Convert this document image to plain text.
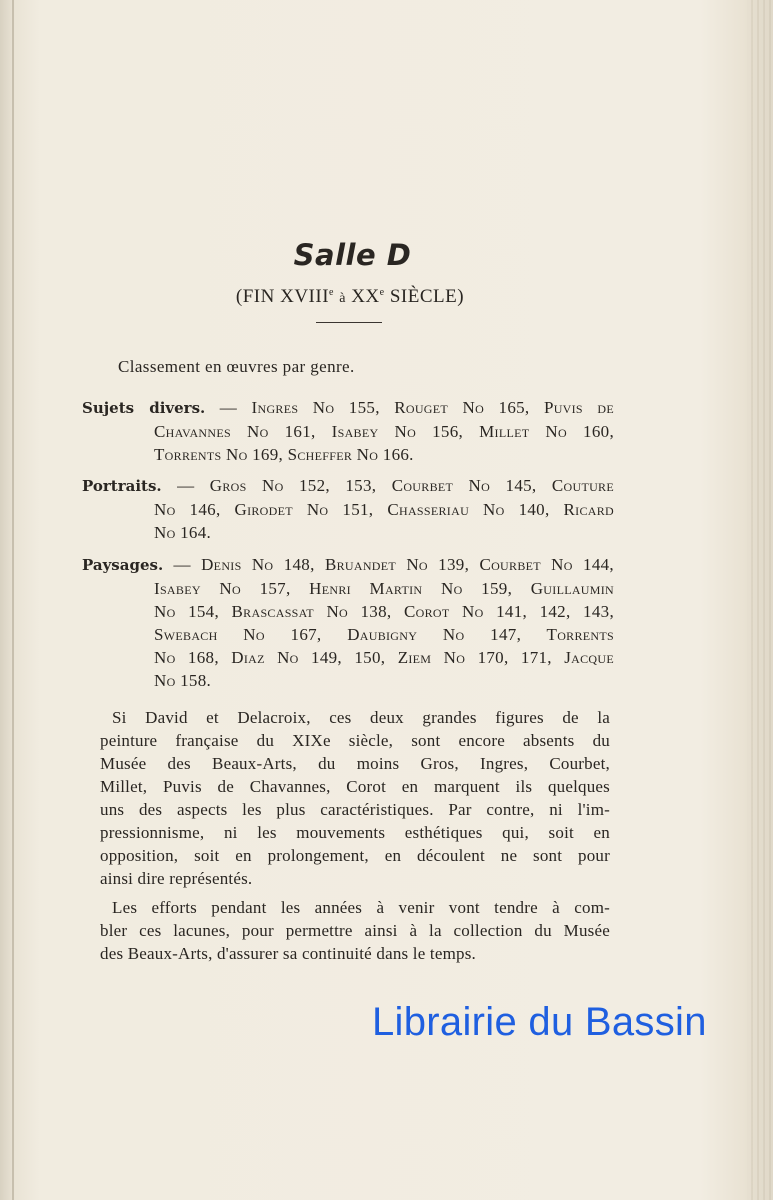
Salle D
(FIN XVIIIe à XXe SIÈCLE)
Classement en œuvres par genre.
Sujets divers. — Ingres No 155, Rouget No 165, Puvis de
Chavannes No 161, Isabey No 156, Millet No 160,
Torrents No 169, Scheffer No 166.
Portraits. — Gros No 152, 153, Courbet No 145, Couture
No 146, Girodet No 151, Chasseriau No 140, Ricard
No 164.
Paysages. — Denis No 148, Bruandet No 139, Courbet No 144,
Isabey No 157, Henri Martin No 159, Guillaumin
No 154, Brascassat No 138, Corot No 141, 142, 143,
Swebach No 167, Daubigny No 147, Torrents
No 168, Diaz No 149, 150, Ziem No 170, 171, Jacque
No 158.
Si David et Delacroix, ces deux grandes figures de la
peinture française du XIXe siècle, sont encore absents du
Musée des Beaux-Arts, du moins Gros, Ingres, Courbet,
Millet, Puvis de Chavannes, Corot en marquent ils quelques
uns des aspects les plus caractéristiques. Par contre, ni l'im-
pressionnisme, ni les mouvements esthétiques qui, soit en
opposition, soit en prolongement, en découlent ne sont pour
ainsi dire représentés.
Les efforts pendant les années à venir vont tendre à com-
bler ces lacunes, pour permettre ainsi à la collection du Musée
des Beaux-Arts, d'assurer sa continuité dans le temps.
Librairie du Bassin
